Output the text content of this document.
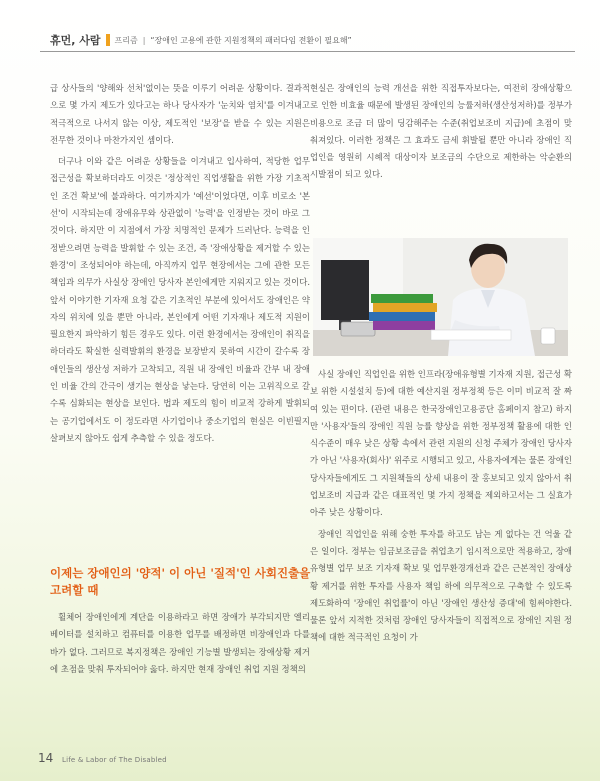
휴먼, 사람 프리즘 | “장애인 고용에 관한 지원정책의 패러다임 전환이 필요해”

급 상사들의 '양해와 선처'없이는 뜻을 이루기 어려운 상황이다. 결과적으로 몇 가지 제도가 있다고는 하나 당사자가 '눈치와 염치'를 이겨내고 적극적으로 나서지 않는 이상, 제도적인 '보장'을 받을 수 있는 지원은 전무한 것이나 마찬가지인 셈이다.

더구나 이와 같은 어려운 상황들을 이겨내고 입사하여, 적당한 업무 접근성을 확보하더라도 이것은 '정상적인 직업생활을 위한 가장 기초적인 조건 확보'에 불과하다. 여기까지가 '예선'이었다면, 이후 비로소 '본선'이 시작되는데 장애유무와 상관없이 '능력'을 인정받는 것이 바로 그것이다. 하지만 이 지점에서 가장 치명적인 문제가 드러난다. 능력을 인정받으려면 능력을 발휘할 수 있는 조건, 즉 '장애상황을 제거할 수 있는 환경'이 조성되어야 하는데, 아직까지 업무 현장에서는 그에 관한 모든 책임과 의무가 사실상 장애인 당사자 본인에게만 지워지고 있는 것이다. 앞서 이야기한 기자재 요청 같은 기초적인 부분에 있어서도 장애인은 약자의 위치에 있을 뿐만 아니라, 본인에게 어떤 기자재나 제도적 지원이 필요한지 파악하기 힘든 경우도 있다. 이런 환경에서는 장애인이 취직을 하더라도 확실한 실력발휘의 환경을 보장받지 못하여 시간이 갈수록 장애인들의 생산성 저하가 고착되고, 직원 내 장애인 비율과 간부 내 장애인 비율 간의 간극이 생기는 현상을 낳는다. 당연히 이는 고위직으로 갈수록 심화되는 현상을 보인다. 법과 제도의 힘이 비교적 강하게 발휘되는 공기업에서도 이 정도라면 사기업이나 중소기업의 현실은 이빈필지 살펴보지 않아도 쉽게 추측할 수 있을 정도다.

이제는 장애인의 '양적' 이 아닌 '질적'인 사회진출을 고려할 때

휠체어 장애인에게 계단을 이용하라고 하면 장애가 부각되지만 엘리베이터를 설치하고 컴퓨터를 이용한 업무를 배정하면 비장애인과 다를 바가 없다. 그러므로 복지정책은 장애인 기능별 발생되는 장애상황 제거에 초점을 맞춰 투자되어야 옳다. 하지만 현재 장애인 취업 지원 정책의

현실은 장애인의 능력 개선을 위한 직접투자보다는, 여전히 장애상황으로 인한 비효율 때문에 발생된 장애인의 능률저하(생산성저하)를 정부가 비용으로 조금 더 많이 딩감해주는 수준(취업보조비 지급)에 초점이 맞춰져있다. 이러한 정책은 그 효과도 금세 휘발될 뿐만 아니라 장애인 직업인을 영원히 시혜적 대상이자 보조금의 수단으로 제한하는 악순환의 시발점이 되고 있다.

사실 장애인 직업인을 위한 인프라(장애유형별 기자재 지원, 접근성 확보 위한 시설설치 등)에 대한 예산지원 정부정책 등은 이미 비교적 잘 짜여 있는 편이다. (관련 내용은 한국장애인고용공단 홈페이지 참고) 하지만 '사용자'들의 장애인 직원 능률 향상을 위한 정부정책 활용에 대한 인식수준이 매우 낮은 상황 속에서 관련 지원의 신청 주체가 장애인 당사자가 아닌 '사용자(회사)' 위주로 시행되고 있고, 사용자에게는 물론 장애인 당사자들에게도 그 지원책들의 상세 내용이 잘 홍보되고 있지 않아서 취업보조비 지급과 같은 대표적인 몇 가지 정책을 제외하고서는 그 실효가 아주 낮은 상황이다.

장애인 직업인을 위해 숭한 투자를 하고도 남는 게 없다는 건 억울 같은 일이다. 정부는 임금보조금을 취업초기 임시적으로만 적용하고, 장애유형별 업무 보조 기자재 확보 및 업무환경개선과 같은 근본적인 장애상황 제거를 위한 투자를 사용자 책임 하에 의무적으로 구축할 수 있도록 제도화하여 '장애인 취업률'이 아닌 '장애인 생산성 증대'에 힘써야한다. 물론 앞서 지적한 것처럼 장애인 당사자들이 직접적으로 장애인 지원 정책에 대한 적극적인 요청이 가

14 Life & Labor of The Disabled
